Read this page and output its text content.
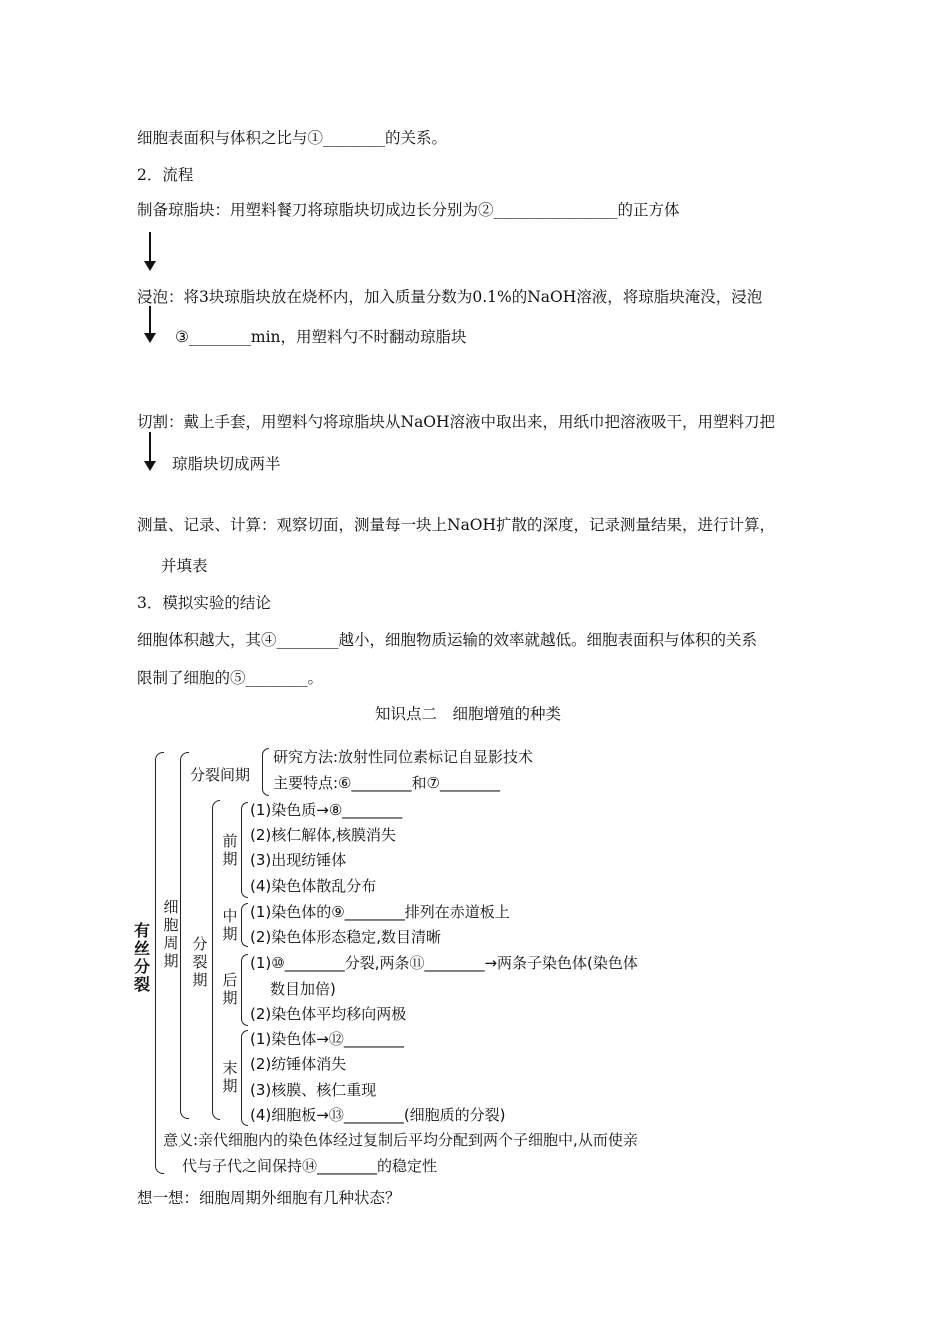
细胞表面积与体积之比与①________的关系。
2．流程
制备琼脂块：用塑料餐刀将琼脂块切成边长分别为②________________的正方体
浸泡：将3块琼脂块放在烧杯内，加入质量分数为0.1%的NaOH溶液，将琼脂块淹没，浸泡
③________min，用塑料勺不时翻动琼脂块
切割：戴上手套，用塑料勺将琼脂块从NaOH溶液中取出来，用纸巾把溶液吸干，用塑料刀把
琼脂块切成两半
测量、记录、计算：观察切面，测量每一块上NaOH扩散的深度，记录测量结果，进行计算，
并填表
3．模拟实验的结论
细胞体积越大，其④________越小，细胞物质运输的效率就越低。细胞表面积与体积的关系
限制了细胞的⑤________。
知识点二　细胞增殖的种类
有丝分裂
细胞周期
分裂间期
研究方法:放射性同位素标记自显影技术
主要特点:⑥________和⑦________
分裂期
前期
(1)染色质→⑧________
(2)核仁解体,核膜消失
(3)出现纺锤体
(4)染色体散乱分布
中期
(1)染色体的⑨________排列在赤道板上
(2)染色体形态稳定,数目清晰
后期
(1)⑩________分裂,两条⑪________→两条子染色体(染色体
数目加倍)
(2)染色体平均移向两极
末期
(1)染色体→⑫________
(2)纺锤体消失
(3)核膜、核仁重现
(4)细胞板→⑬________(细胞质的分裂)
意义:亲代细胞内的染色体经过复制后平均分配到两个子细胞中,从而使亲
代与子代之间保持⑭________的稳定性
想一想：细胞周期外细胞有几种状态？
